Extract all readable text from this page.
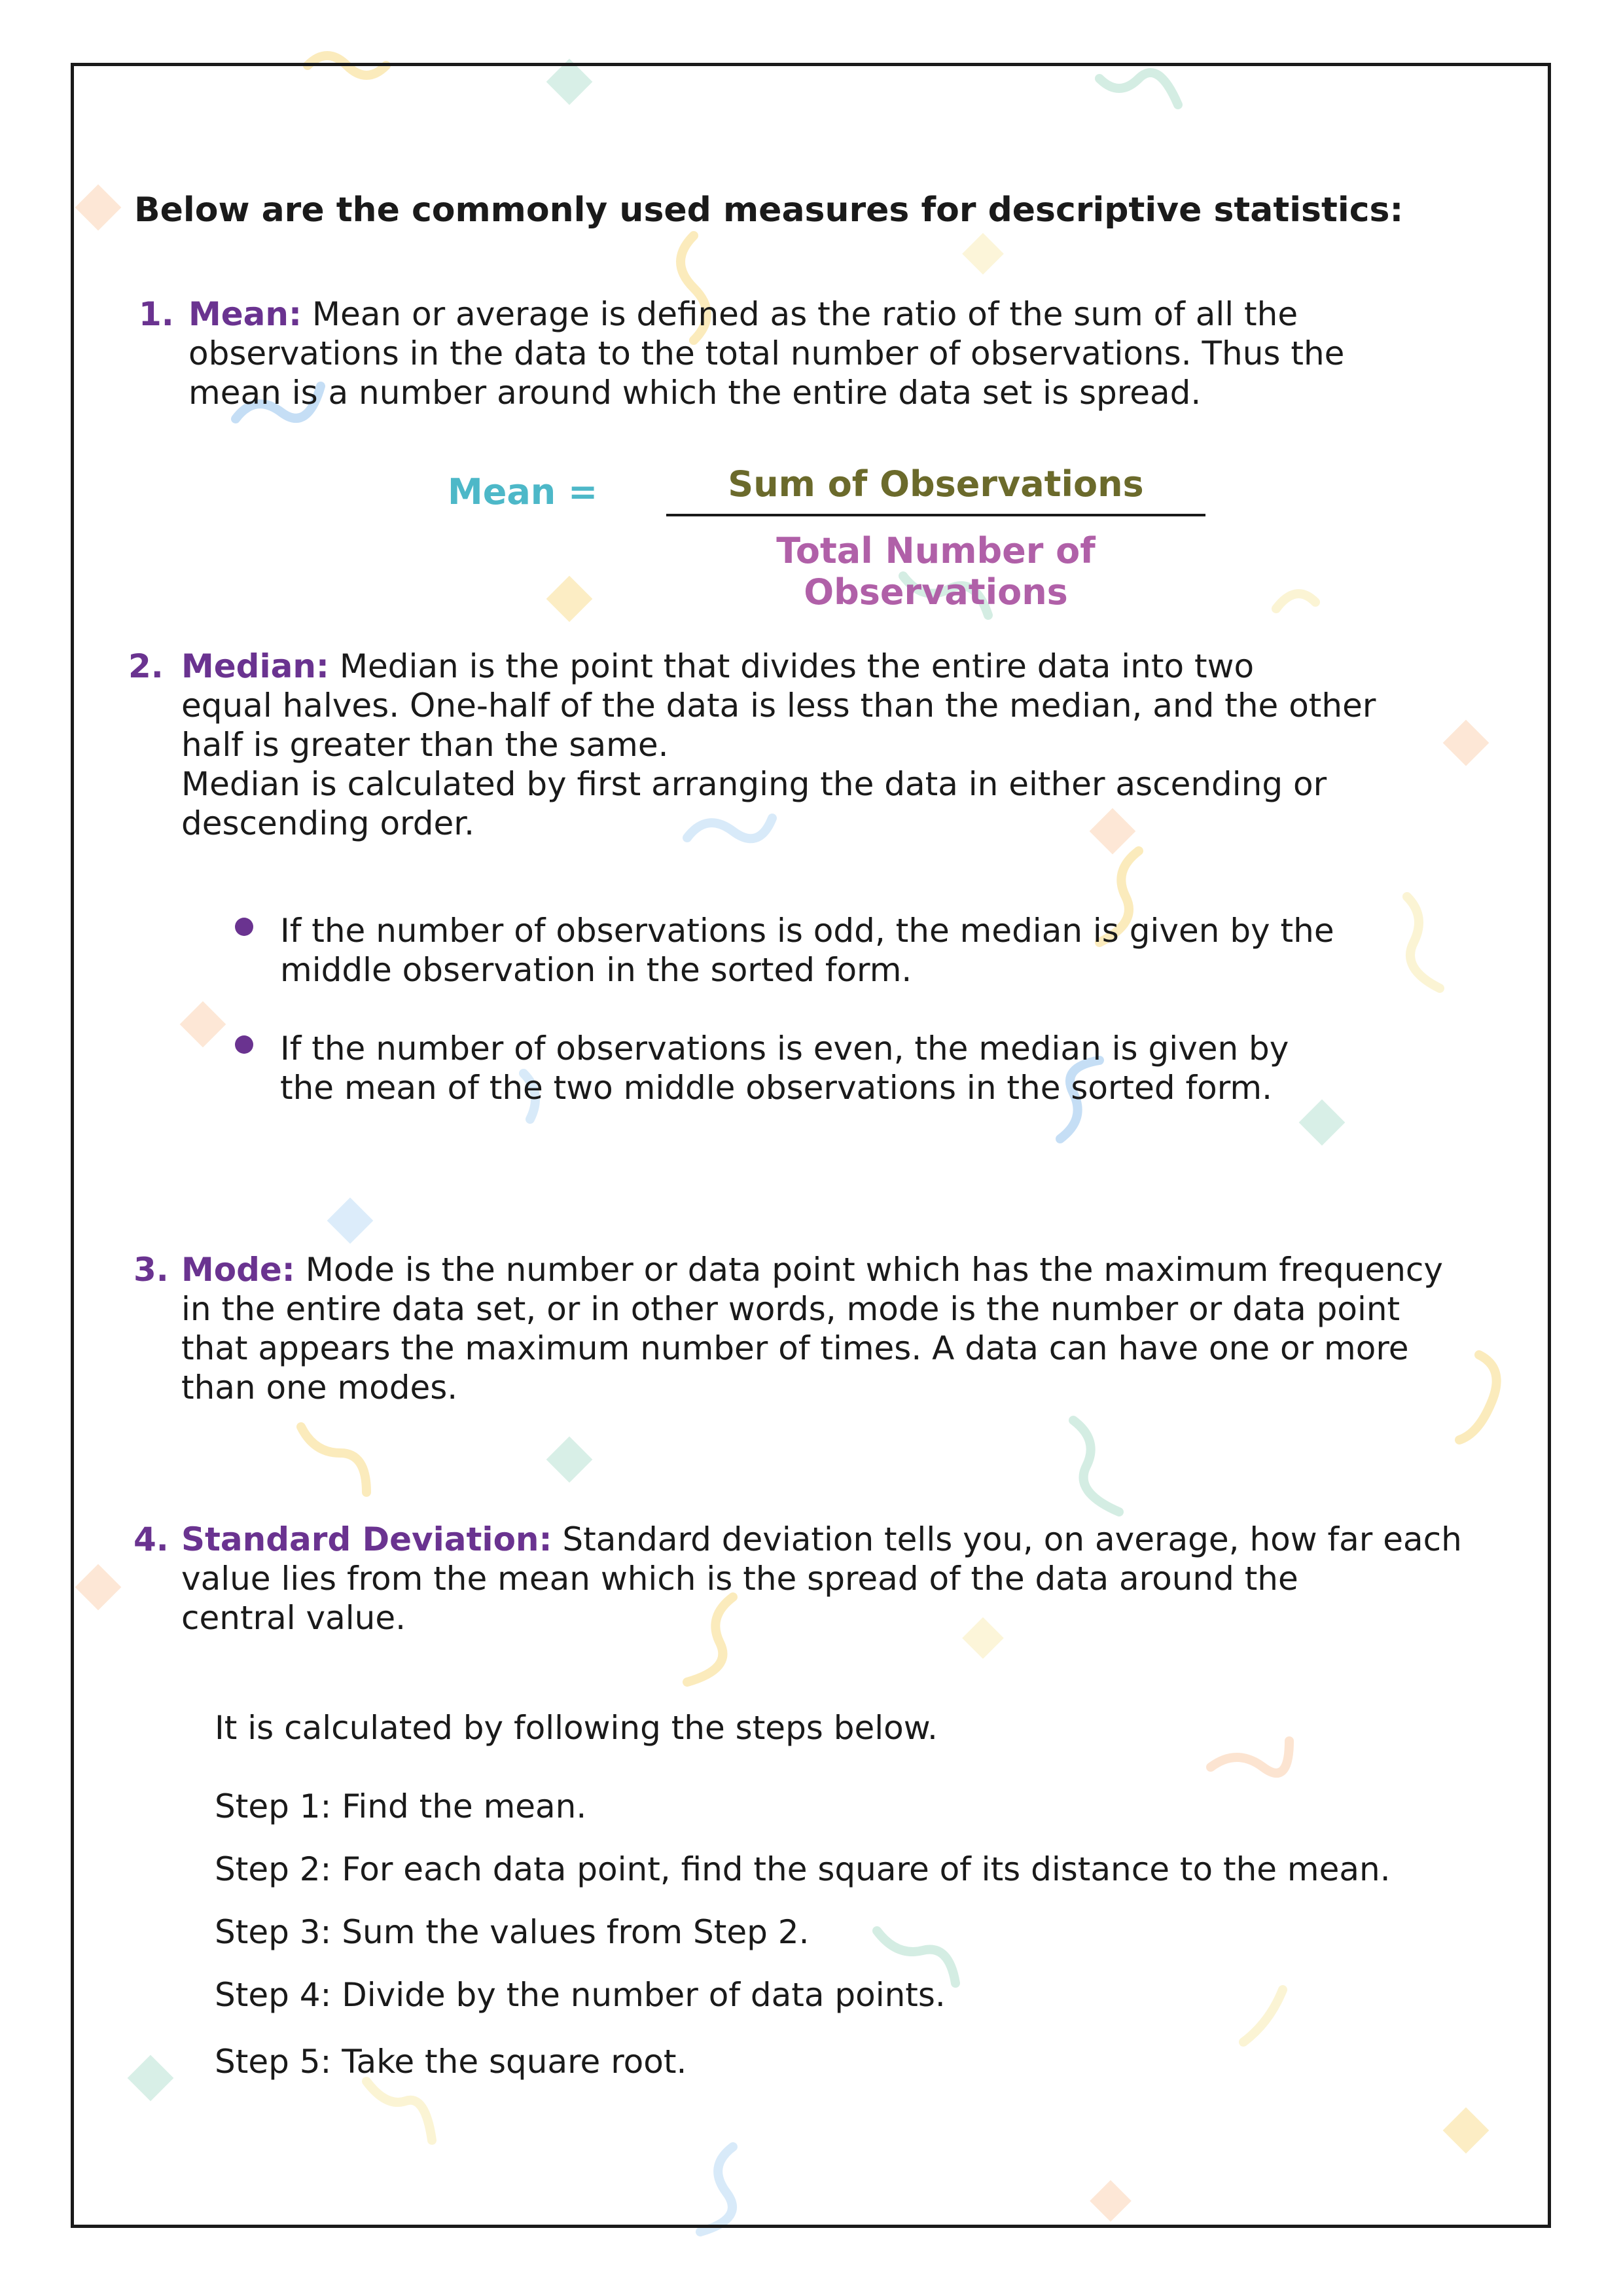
Below are the commonly used measures for descriptive statistics:
1. Mean: Mean or average is defined as the ratio of the sum of all the
observations in the data to the total number of observations. Thus the
mean is a number around which the entire data set is spread.
Mean =	Sum of Observations
Total Number of Observations
2. Median: Median is the point that divides the entire data into two
equal halves. One-half of the data is less than the median, and the other
half is greater than the same.
Median is calculated by first arranging the data in either ascending or
descending order.
If the number of observations is odd, the median is given by the
middle observation in the sorted form.
If the number of observations is even, the median is given by
the mean of the two middle observations in the sorted form.
3. Mode: Mode is the number or data point which has the maximum frequency
in the entire data set, or in other words, mode is the number or data point
that appears the maximum number of times. A data can have one or more
than one modes.
4. Standard Deviation: Standard deviation tells you, on average, how far each
value lies from the mean which is the spread of the data around the
central value.
It is calculated by following the steps below.
Step 1: Find the mean.
Step 2: For each data point, find the square of its distance to the mean.
Step 3: Sum the values from Step 2.
Step 4: Divide by the number of data points.
Step 5: Take the square root.
